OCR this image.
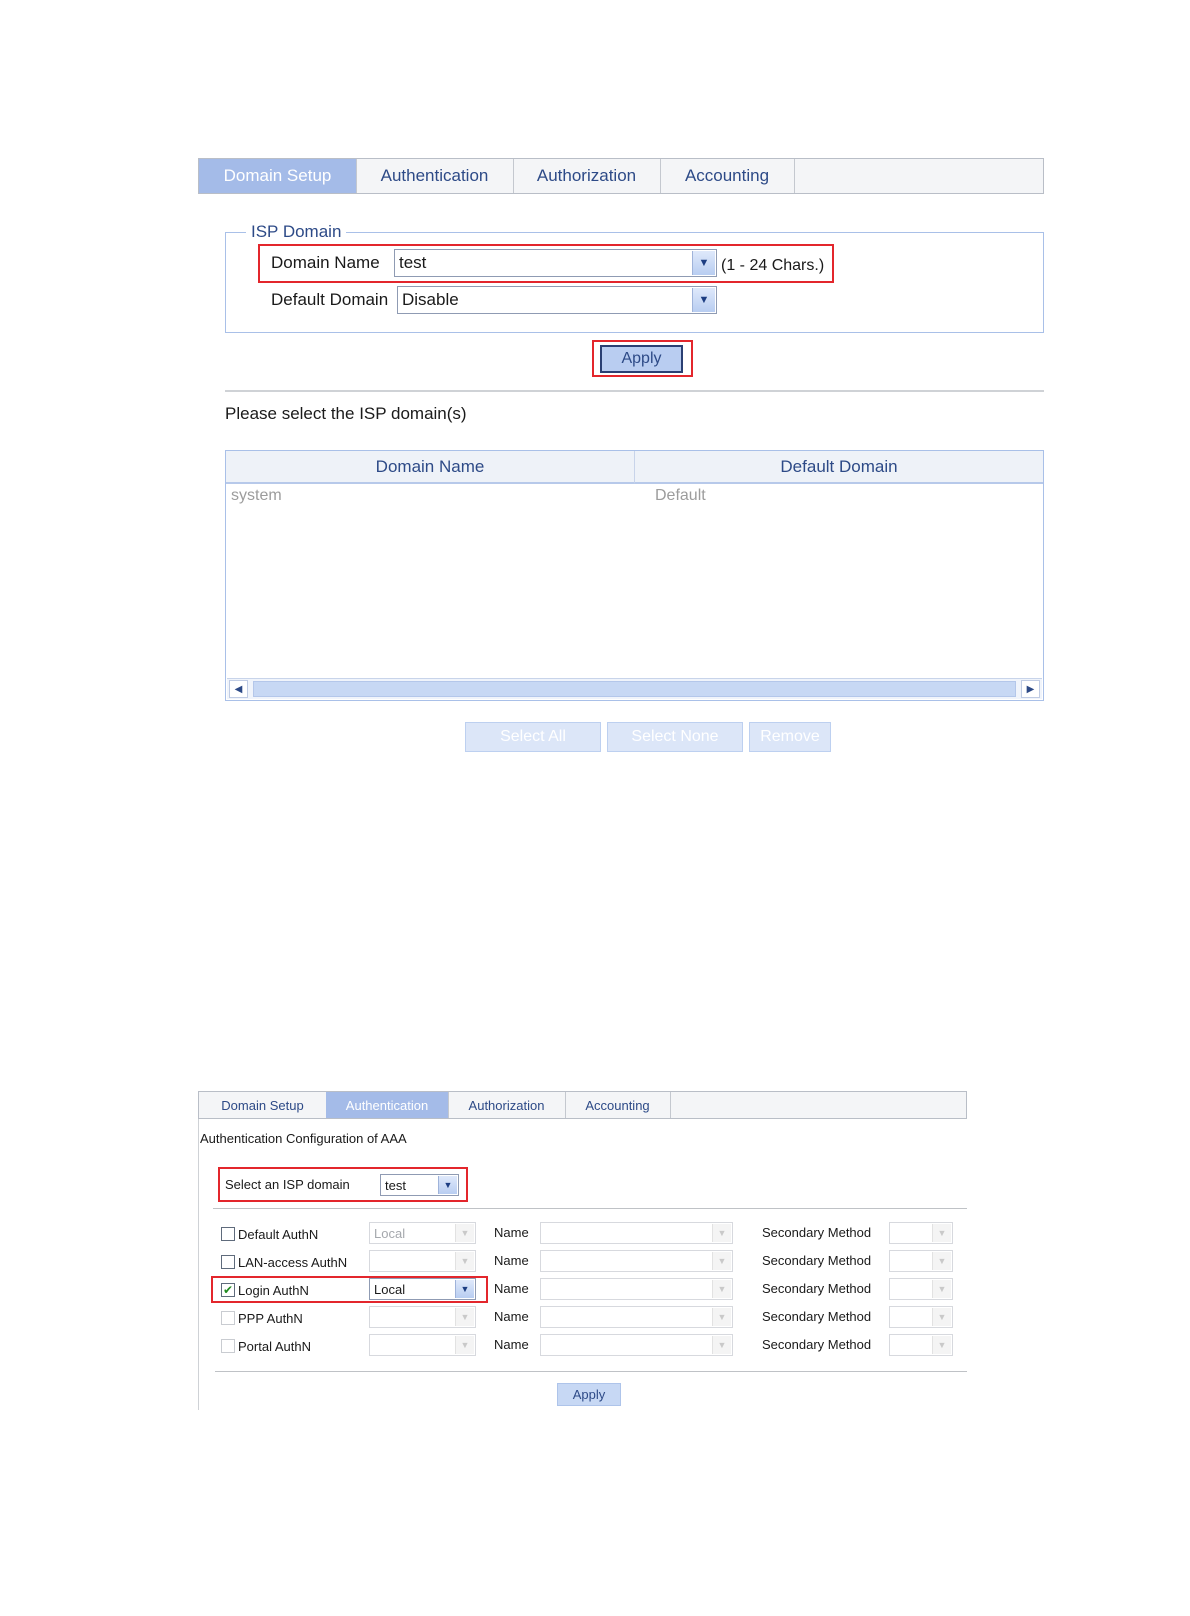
Domain Setup	Authentication	Authorization	Accounting
ISP Domain
Domain Name test	▼ (1 - 24 Chars.)
Default Domain Disable	▼
Apply
Please select the ISP domain(s)
Domain Name	Default Domain
system	Default
◀	▶
Select All	Select None	Remove
Domain Setup	Authentication	Authorization	Accounting
Authentication Configuration of AAA
Select an ISP domain	test	▼
Default AuthN	Local	▼	Name	▼	Secondary Method	▼
LAN-access AuthN	▼	Name	▼	Secondary Method	▼
✔ Login AuthN	Local	▼	Name	▼	Secondary Method	▼
PPP AuthN	▼	Name	▼	Secondary Method	▼
Portal AuthN	▼	Name	▼	Secondary Method	▼
Apply
